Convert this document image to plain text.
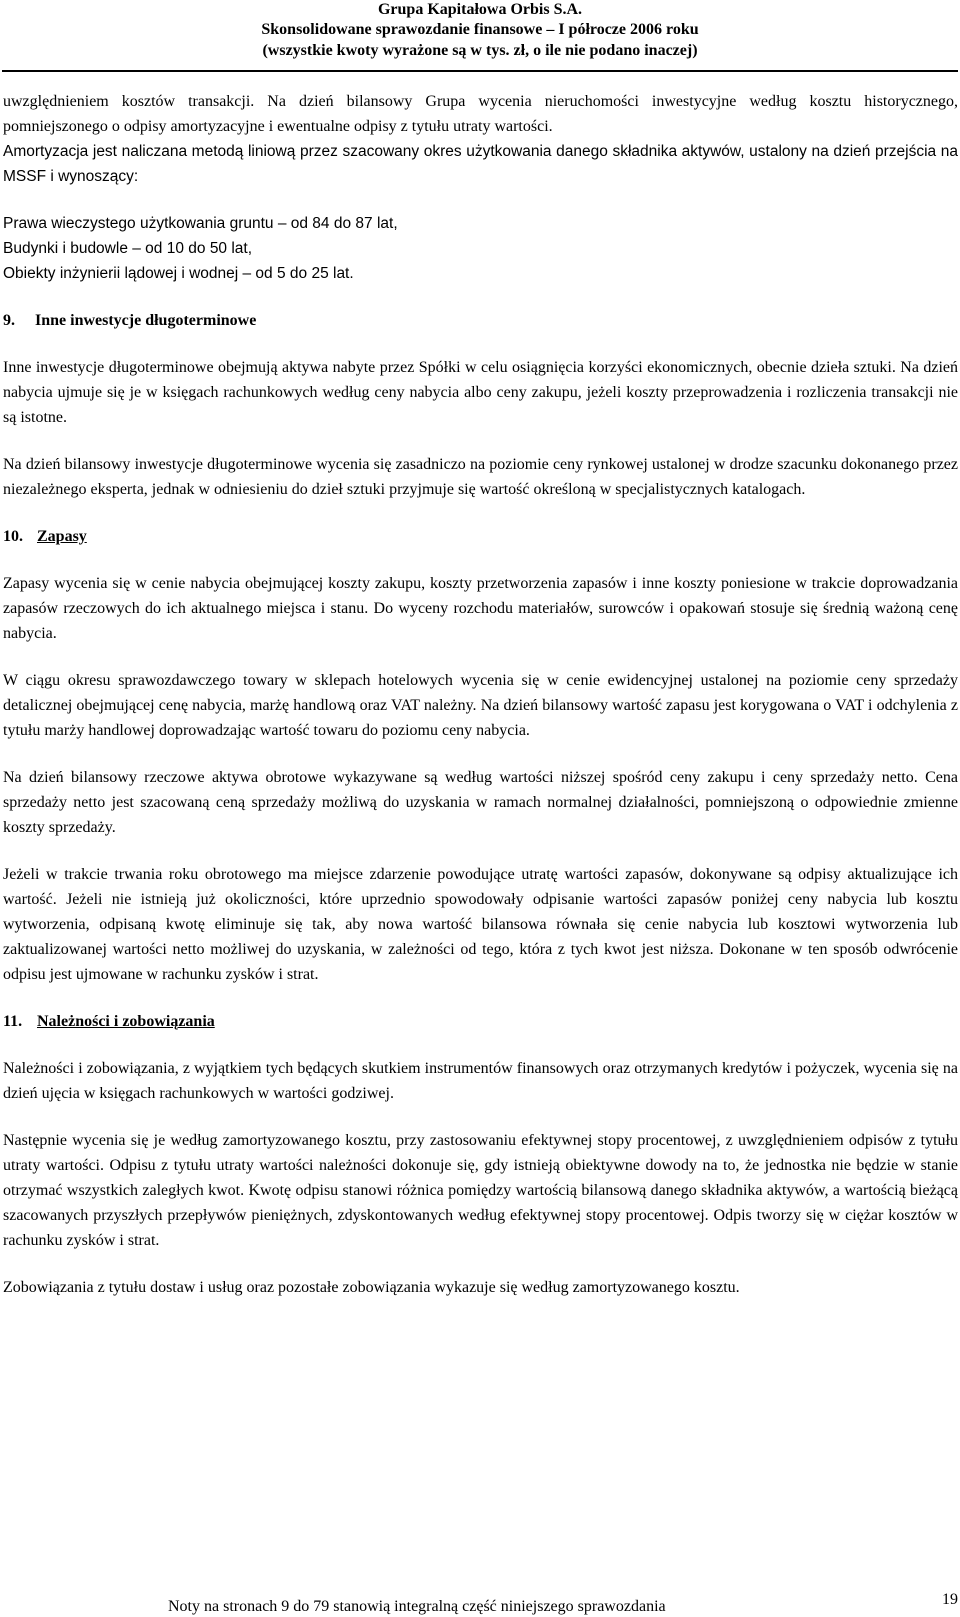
Grupa Kapitałowa Orbis S.A.
Skonsolidowane sprawozdanie finansowe – I półrocze 2006 roku
(wszystkie kwoty wyrażone są w tys. zł, o ile nie podano inaczej)

uwzględnieniem kosztów transakcji. Na dzień bilansowy Grupa wycenia nieruchomości inwestycyjne według kosztu historycznego, pomniejszonego o odpisy amortyzacyjne i ewentualne odpisy z tytułu utraty wartości.

Amortyzacja jest naliczana metodą liniową przez szacowany okres użytkowania danego składnika aktywów, ustalony na dzień przejścia na MSSF i wynoszący:

Prawa wieczystego użytkowania gruntu – od 84 do 87 lat,
Budynki i budowle – od 10 do 50 lat,
Obiekty inżynierii lądowej i wodnej – od 5 do 25 lat.
9. Inne inwestycje długoterminowe

Inne inwestycje długoterminowe obejmują aktywa nabyte przez Spółki w celu osiągnięcia korzyści ekonomicznych, obecnie dzieła sztuki. Na dzień nabycia ujmuje się je w księgach rachunkowych według ceny nabycia albo ceny zakupu, jeżeli koszty przeprowadzenia i rozliczenia transakcji nie są istotne.

Na dzień bilansowy inwestycje długoterminowe wycenia się zasadniczo na poziomie ceny rynkowej ustalonej w drodze szacunku dokonanego przez niezależnego eksperta, jednak w odniesieniu do dzieł sztuki przyjmuje się wartość określoną w specjalistycznych katalogach.

10. Zapasy

Zapasy wycenia się w cenie nabycia obejmującej koszty zakupu, koszty przetworzenia zapasów i inne koszty poniesione w trakcie doprowadzania zapasów rzeczowych do ich aktualnego miejsca i stanu. Do wyceny rozchodu materiałów, surowców i opakowań stosuje się średnią ważoną cenę nabycia.

W ciągu okresu sprawozdawczego towary w sklepach hotelowych wycenia się w cenie ewidencyjnej ustalonej na poziomie ceny sprzedaży detalicznej obejmującej cenę nabycia, marżę handlową oraz VAT należny. Na dzień bilansowy wartość zapasu jest korygowana o VAT i odchylenia z tytułu marży handlowej doprowadzając wartość towaru do poziomu ceny nabycia.

Na dzień bilansowy rzeczowe aktywa obrotowe wykazywane są według wartości niższej spośród ceny zakupu i ceny sprzedaży netto. Cena sprzedaży netto jest szacowaną ceną sprzedaży możliwą do uzyskania w ramach normalnej działalności, pomniejszoną o odpowiednie zmienne koszty sprzedaży.

Jeżeli w trakcie trwania roku obrotowego ma miejsce zdarzenie powodujące utratę wartości zapasów, dokonywane są odpisy aktualizujące ich wartość. Jeżeli nie istnieją już okoliczności, które uprzednio spowodowały odpisanie wartości zapasów poniżej ceny nabycia lub kosztu wytworzenia, odpisaną kwotę eliminuje się tak, aby nowa wartość bilansowa równała się cenie nabycia lub kosztowi wytworzenia lub zaktualizowanej wartości netto możliwej do uzyskania, w zależności od tego, która z tych kwot jest niższa. Dokonane w ten sposób odwrócenie odpisu jest ujmowane w rachunku zysków i strat.

11. Należności i zobowiązania

Należności i zobowiązania, z wyjątkiem tych będących skutkiem instrumentów finansowych oraz otrzymanych kredytów i pożyczek, wycenia się na dzień ujęcia w księgach rachunkowych w wartości godziwej.

Następnie wycenia się je według zamortyzowanego kosztu, przy zastosowaniu efektywnej stopy procentowej, z uwzględnieniem odpisów z tytułu utraty wartości. Odpisu z tytułu utraty wartości należności dokonuje się, gdy istnieją obiektywne dowody na to, że jednostka nie będzie w stanie otrzymać wszystkich zaległych kwot. Kwotę odpisu stanowi różnica pomiędzy wartością bilansową danego składnika aktywów, a wartością bieżącą szacowanych przyszłych przepływów pieniężnych, zdyskontowanych według efektywnej stopy procentowej. Odpis tworzy się w ciężar kosztów w rachunku zysków i strat.

Zobowiązania z tytułu dostaw i usług oraz pozostałe zobowiązania wykazuje się według zamortyzowanego kosztu.

Noty na stronach 9 do 79 stanowią integralną część niniejszego sprawozdania	19
